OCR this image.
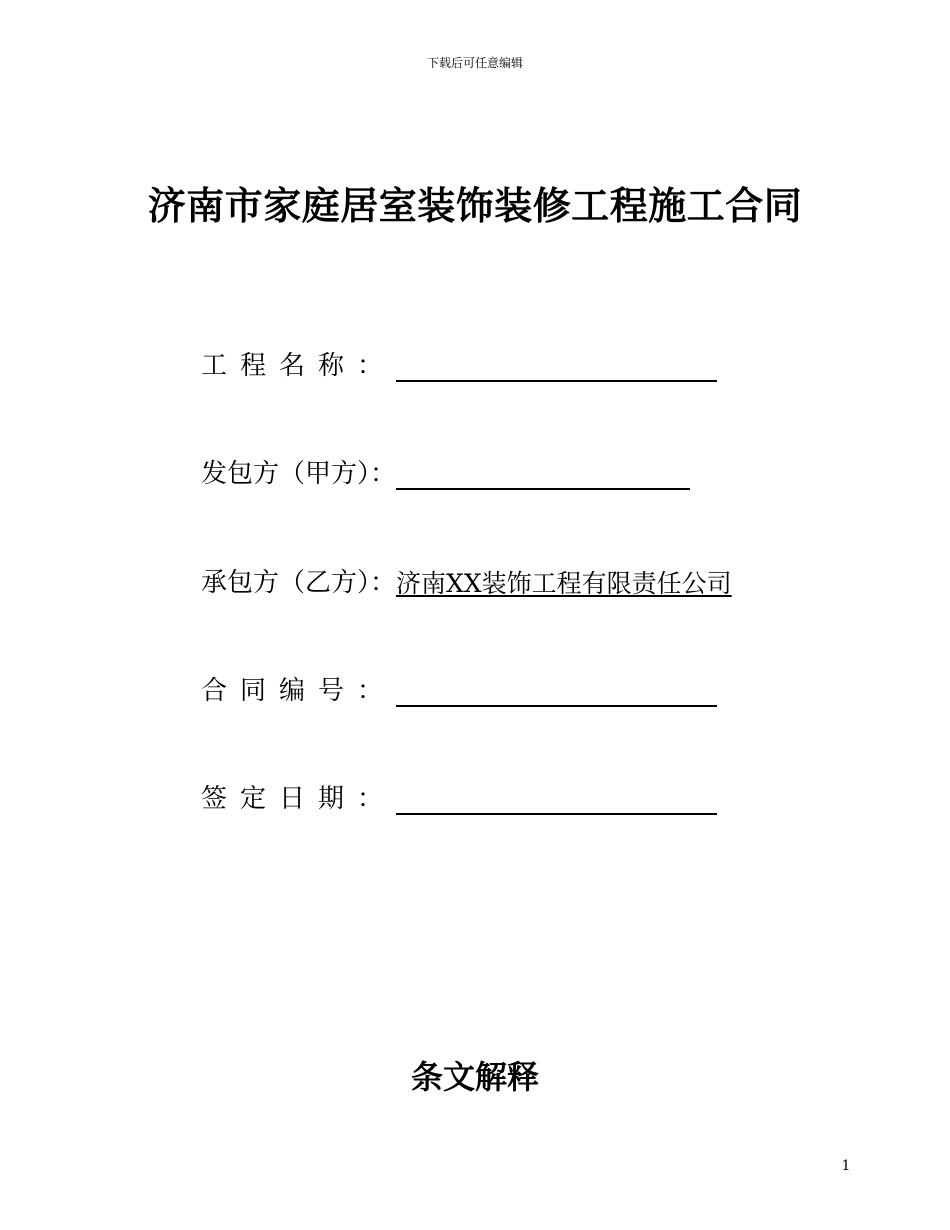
下载后可任意编辑
济南市家庭居室装饰装修工程施工合同
工程名称：
发包方（甲方）：
承包方（乙方）： 济南XX装饰工程有限责任公司
合同编号：
签定日期：
条文解释
1
